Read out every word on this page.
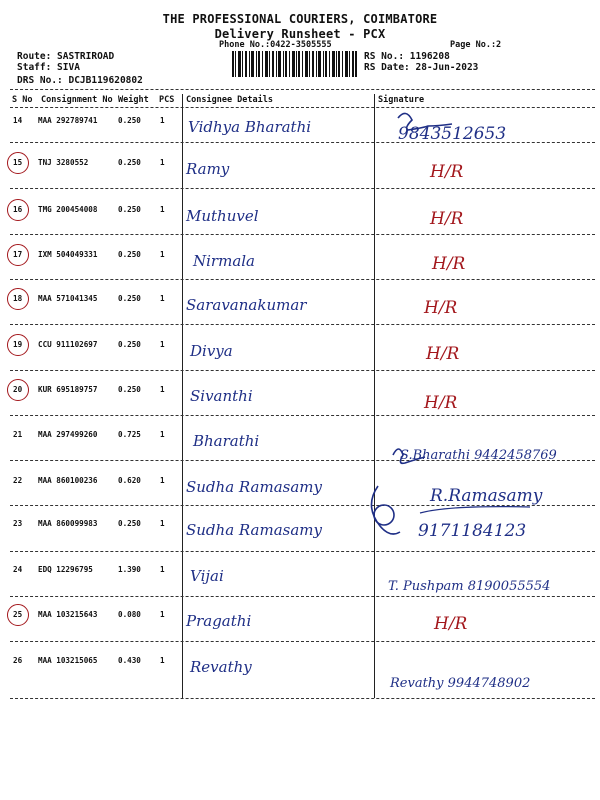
THE PROFESSIONAL COURIERS, COIMBATORE
Delivery Runsheet - PCX
Phone No.:0422-3505555	Page No.:2
Route: SASTRIROAD
Staff: SIVA
DRS No.: DCJB119620802
RS No.: 1196208
RS Date: 28-Jun-2023
S No Consignment No Weight PCS Consignee Details	Signature
14 MAA 292789741	0.250	1 Vidhya Bharathi	9843512653
15 TNJ 3280552	0.250	1 Ramy	H/R
16 TMG 200454008	0.250	1 Muthuvel	H/R
17 IXM 504049331	0.250	1 Nirmala	H/R
18 MAA 571041345	0.250	1 Saravanakumar	H/R
19 CCU 911102697	0.250	1 Divya	H/R
20 KUR 695189757	0.250	1 Sivanthi	H/R
21 MAA 297499260	0.725	1 Bharathi
S.Bharathi 9442458769
22 MAA 860100236	0.620	1 Sudha Ramasamy	R.Ramasamy
23 MAA 860099983	0.250	1 Sudha Ramasamy	9171184123
24 EDQ 12296795	1.390	1 Vijai
T. Pushpam 8190055554
25 MAA 103215643	0.080	1 Pragathi	H/R
26 MAA 103215065	0.430	1 Revathy
Revathy 9944748902
